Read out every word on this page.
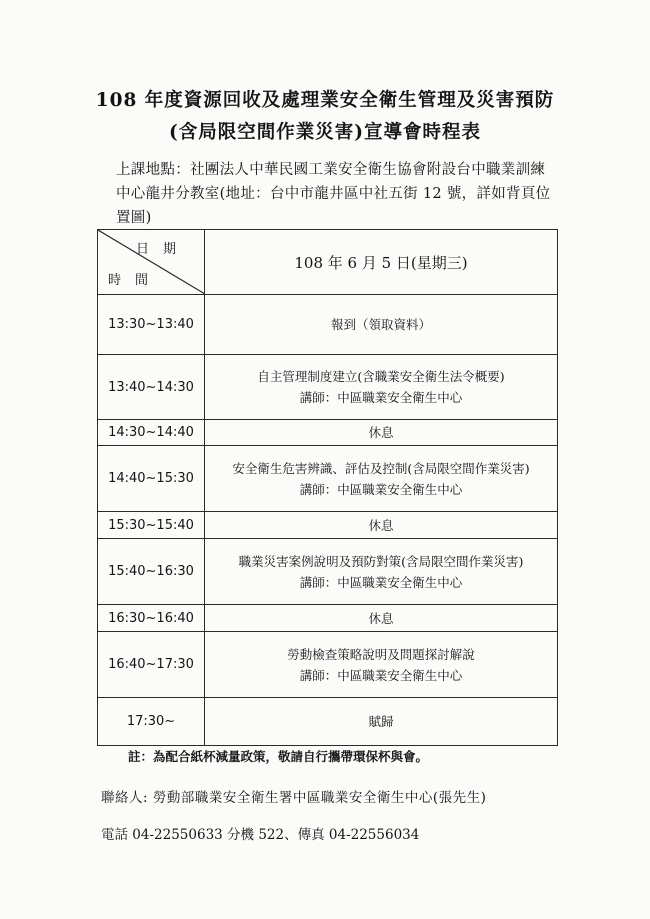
108 年度資源回收及處理業安全衛生管理及災害預防
(含局限空間作業災害)宣導會時程表
上課地點：社團法人中華民國工業安全衛生協會附設台中職業訓練中心龍井分教室(地址：台中市龍井區中社五街 12 號，詳如背頁位置圖)
日期
時間	108 年 6 月 5 日(星期三)
13:30~13:40	報到（領取資料）

13:40~14:30	自主管理制度建立(含職業安全衛生法令概要)
講師：中區職業安全衛生中心

14:30~14:40	休息

14:40~15:30	安全衛生危害辨識、評估及控制(含局限空間作業災害)
講師：中區職業安全衛生中心

15:30~15:40	休息

15:40~16:30	職業災害案例說明及預防對策(含局限空間作業災害)
講師：中區職業安全衛生中心

16:30~16:40	休息

16:40~17:30	勞動檢查策略說明及問題探討解說
講師：中區職業安全衛生中心

17:30~	賦歸
註：為配合紙杯減量政策，敬請自行攜帶環保杯與會。
聯絡人: 勞動部職業安全衛生署中區職業安全衛生中心(張先生)
電話 04-22550633 分機 522、傳真 04-22556034
